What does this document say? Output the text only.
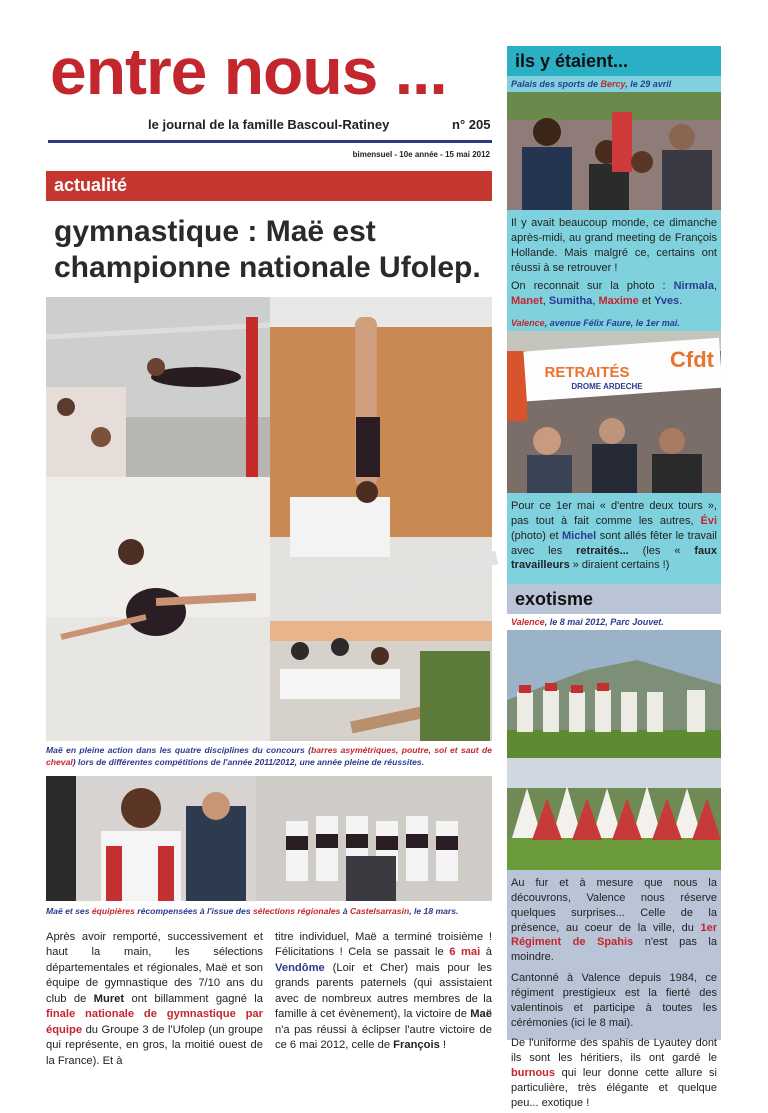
entre nous ...
le journal de la famille Bascoul-Ratiney	n° 205
bimensuel - 10e année - 15 mai 2012
actualité
gymnastique : Maë est championne nationale Ufolep.
Maë en pleine action dans les quatre disciplines du concours (barres asymétriques, poutre, sol et saut de cheval) lors de différentes compétitions de l'année 2011/2012, une année pleine de réussites.
Maë et ses équipières récompensées à l'issue des sélections régionales à Castelsarrasin, le 18 mars.
Après avoir remporté, successivement et haut la main, les sélections départementales et régionales, Maë et son équipe de gymnastique des 7/10 ans du club de Muret ont billamment gagné la finale nationale de gymnastique par équipe du Groupe 3 de l'Ufolep (un groupe qui représente, en gros, la moitié ouest de la France). Et à
titre individuel, Maë a terminé troisième ! Félicitations ! Cela se passait le 6 mai à Vendôme (Loir et Cher) mais pour les grands parents paternels (qui assistaient avec de nombreux autres membres de la famille à cet évènement), la victoire de Maë n'a pas réussi à éclipser l'autre victoire de ce 6 mai 2012, celle de François !
ils y étaient...
Palais des sports de Bercy, le 29 avril
Il y avait beaucoup monde, ce dimanche après-midi, au grand meeting de François Hollande. Mais malgré ce, certains ont réussi à se retrouver !
On reconnait sur la photo : Nirmala, Manet, Sumitha, Maxime et Yves.
Valence, avenue Félix Faure, le 1er mai.
Cfdt
RETRAITÉS
DROME ARDECHE
Pour ce 1er mai « d'entre deux tours », pas tout à fait comme les autres, Évi (photo) et Michel sont allés fêter le travail avec les retraités... (les « faux travailleurs » diraient certains !)
exotisme
Valence, le 8 mai 2012, Parc Jouvet.
Au fur et à mesure que nous la découvrons, Valence nous réserve quelques surprises... Celle de la présence, au coeur de la ville, du 1er Régiment de Spahis n'est pas la moindre.
Cantonné à Valence depuis 1984, ce régiment prestigieux est la fierté des valentinois et participe à toutes les cérémonies (ici le 8 mai).
De l'uniforme des spahis de Lyautey dont ils sont les héritiers, ils ont gardé le burnous qui leur donne cette allure si particulière, très élégante et quelque peu... exotique !
